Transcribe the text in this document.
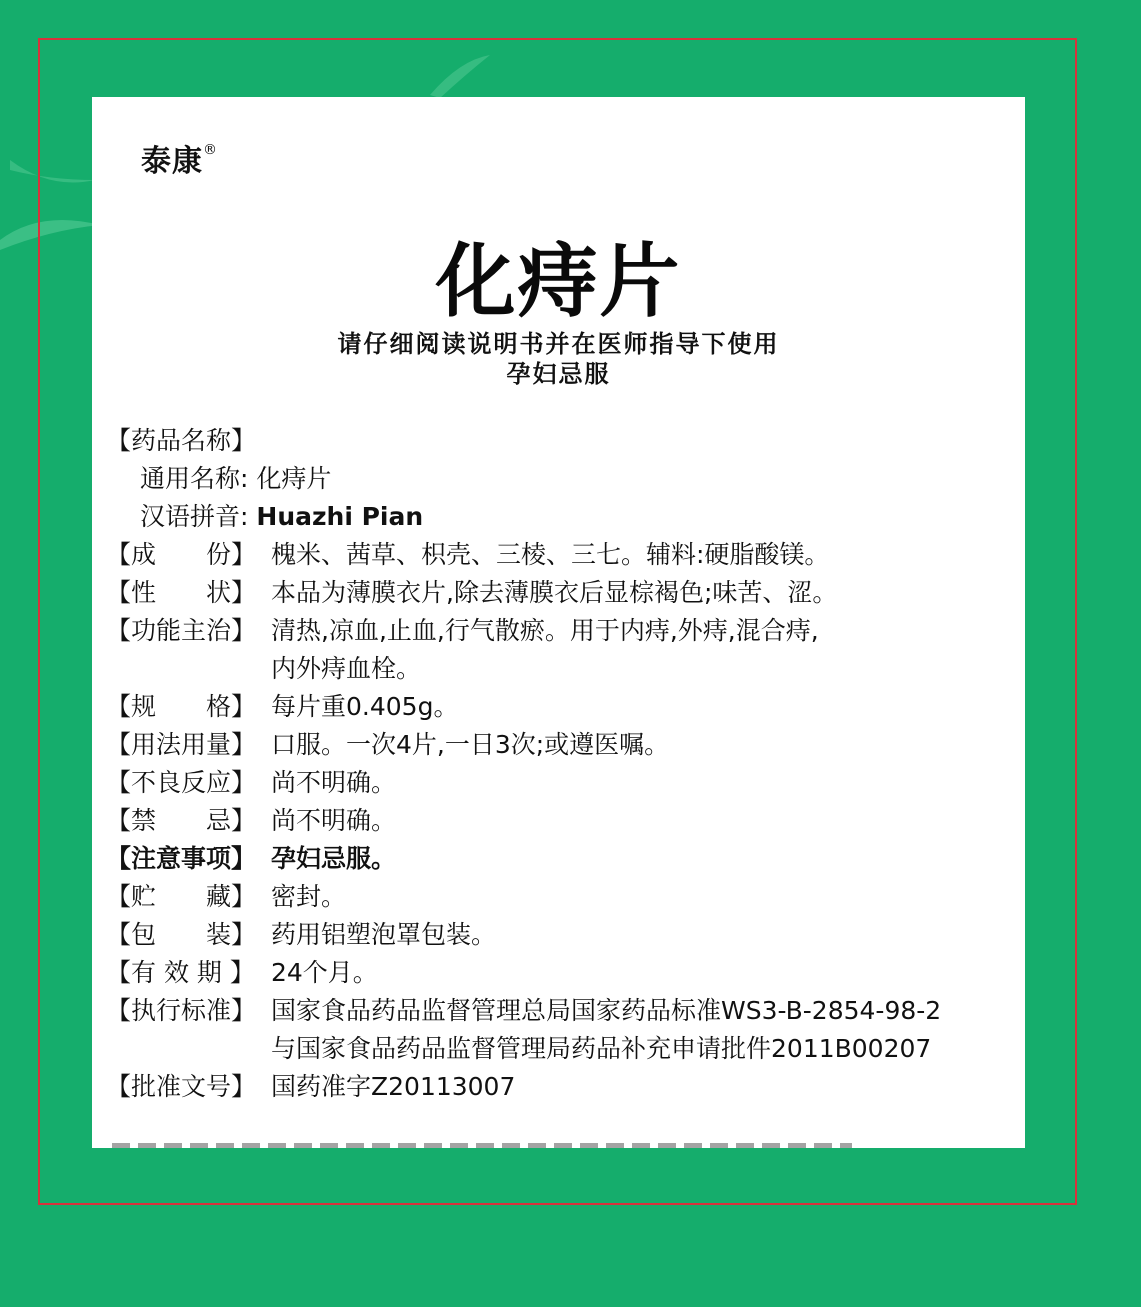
泰康®
化痔片
请仔细阅读说明书并在医师指导下使用
孕妇忌服
【药品名称】
通用名称:
化痔片
汉语拼音:
Huazhi Pian
【成　　份】 槐米、茜草、枳壳、三棱、三七。辅料:硬脂酸镁。
【性　　状】 本品为薄膜衣片,除去薄膜衣后显棕褐色;味苦、涩。
【功能主治】 清热,凉血,止血,行气散瘀。用于内痔,外痔,混合痔,
内外痔血栓。
【规　　格】 每片重0.405g。
【用法用量】 口服。一次4片,一日3次;或遵医嘱。
【不良反应】 尚不明确。
【禁　　忌】 尚不明确。
【注意事项】 孕妇忌服。
【贮　　藏】 密封。
【包　　装】 药用铝塑泡罩包装。
【有 效 期 】 24个月。
【执行标准】 国家食品药品监督管理总局国家药品标准WS3-B-2854-98-2
与国家食品药品监督管理局药品补充申请批件2011B00207
【批准文号】 国药准字Z20113007
